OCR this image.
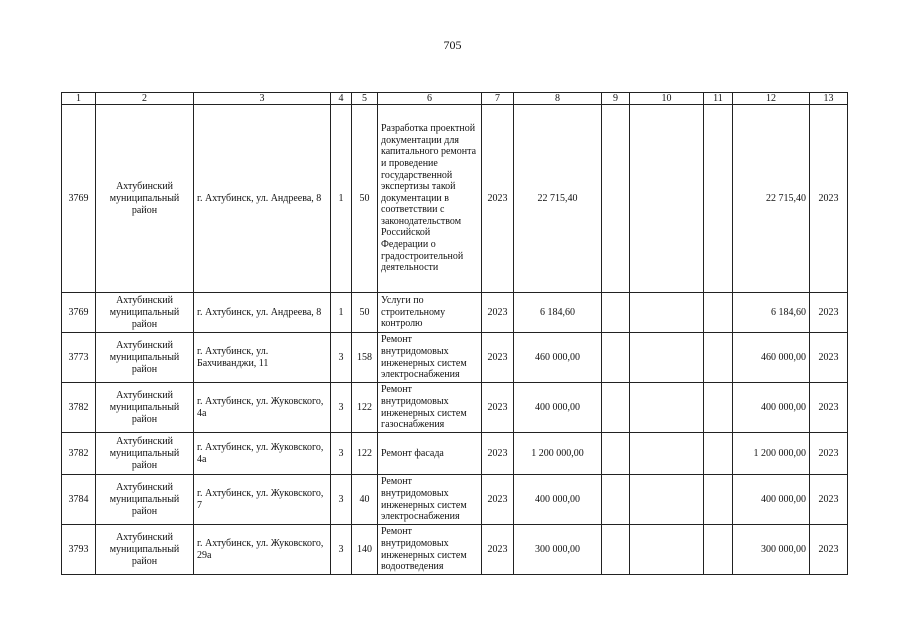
705
1	2	3	4	5	6	7	8	9	10	11	12	13
3769	Ахтубинский муниципальный район	г. Ахтубинск, ул. Андреева, 8	1	50	Разработка проектной документации для капитального ремонта и проведение государственной экспертизы такой документации в соответствии с законодательством Российской Федерации о градостроительной деятельности	2023	22 715,40				22 715,40	2023
3769	Ахтубинский муниципальный район	г. Ахтубинск, ул. Андреева, 8	1	50	Услуги по строительному контролю	2023	6 184,60				6 184,60	2023
3773	Ахтубинский муниципальный район	г. Ахтубинск, ул. Бахчиванджи, 11	3	158	Ремонт внутридомовых инженерных систем электроснабжения	2023	460 000,00				460 000,00	2023
3782	Ахтубинский муниципальный район	г. Ахтубинск, ул. Жуковского, 4а	3	122	Ремонт внутридомовых инженерных систем газоснабжения	2023	400 000,00				400 000,00	2023
3782	Ахтубинский муниципальный район	г. Ахтубинск, ул. Жуковского, 4а	3	122	Ремонт фасада	2023	1 200 000,00				1 200 000,00	2023
3784	Ахтубинский муниципальный район	г. Ахтубинск, ул. Жуковского, 7	3	40	Ремонт внутридомовых инженерных систем электроснабжения	2023	400 000,00				400 000,00	2023
3793	Ахтубинский муниципальный район	г. Ахтубинск, ул. Жуковского, 29а	3	140	Ремонт внутридомовых инженерных систем водоотведения	2023	300 000,00				300 000,00	2023
